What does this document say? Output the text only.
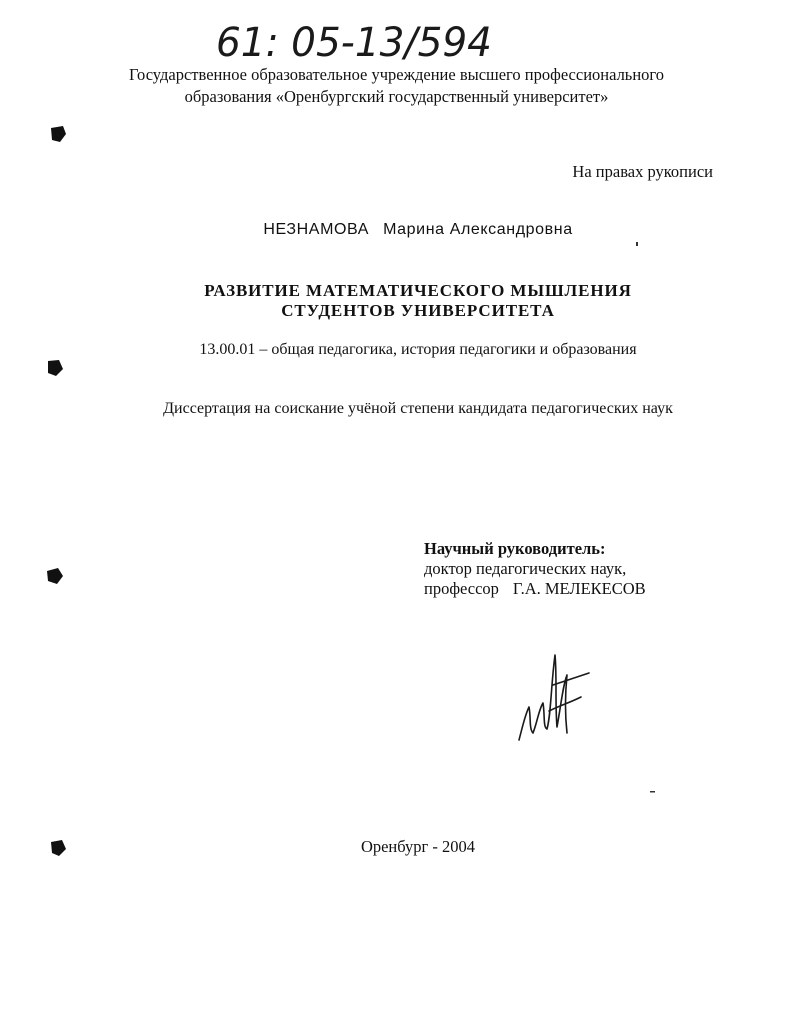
61: 05-13/594
Государственное образовательное учреждение высшего профессионального
образования «Оренбургский государственный университет»
На правах рукописи
НЕЗНАМОВА Марина Александровна
РАЗВИТИЕ МАТЕМАТИЧЕСКОГО МЫШЛЕНИЯ
СТУДЕНТОВ УНИВЕРСИТЕТА
13.00.01 – общая педагогика, история педагогики и образования
Диссертация на соискание учёной степени кандидата педагогических наук
Научный руководитель:
доктор педагогических наук,
профессор Г.А. МЕЛЕКЕСОВ
Оренбург - 2004
